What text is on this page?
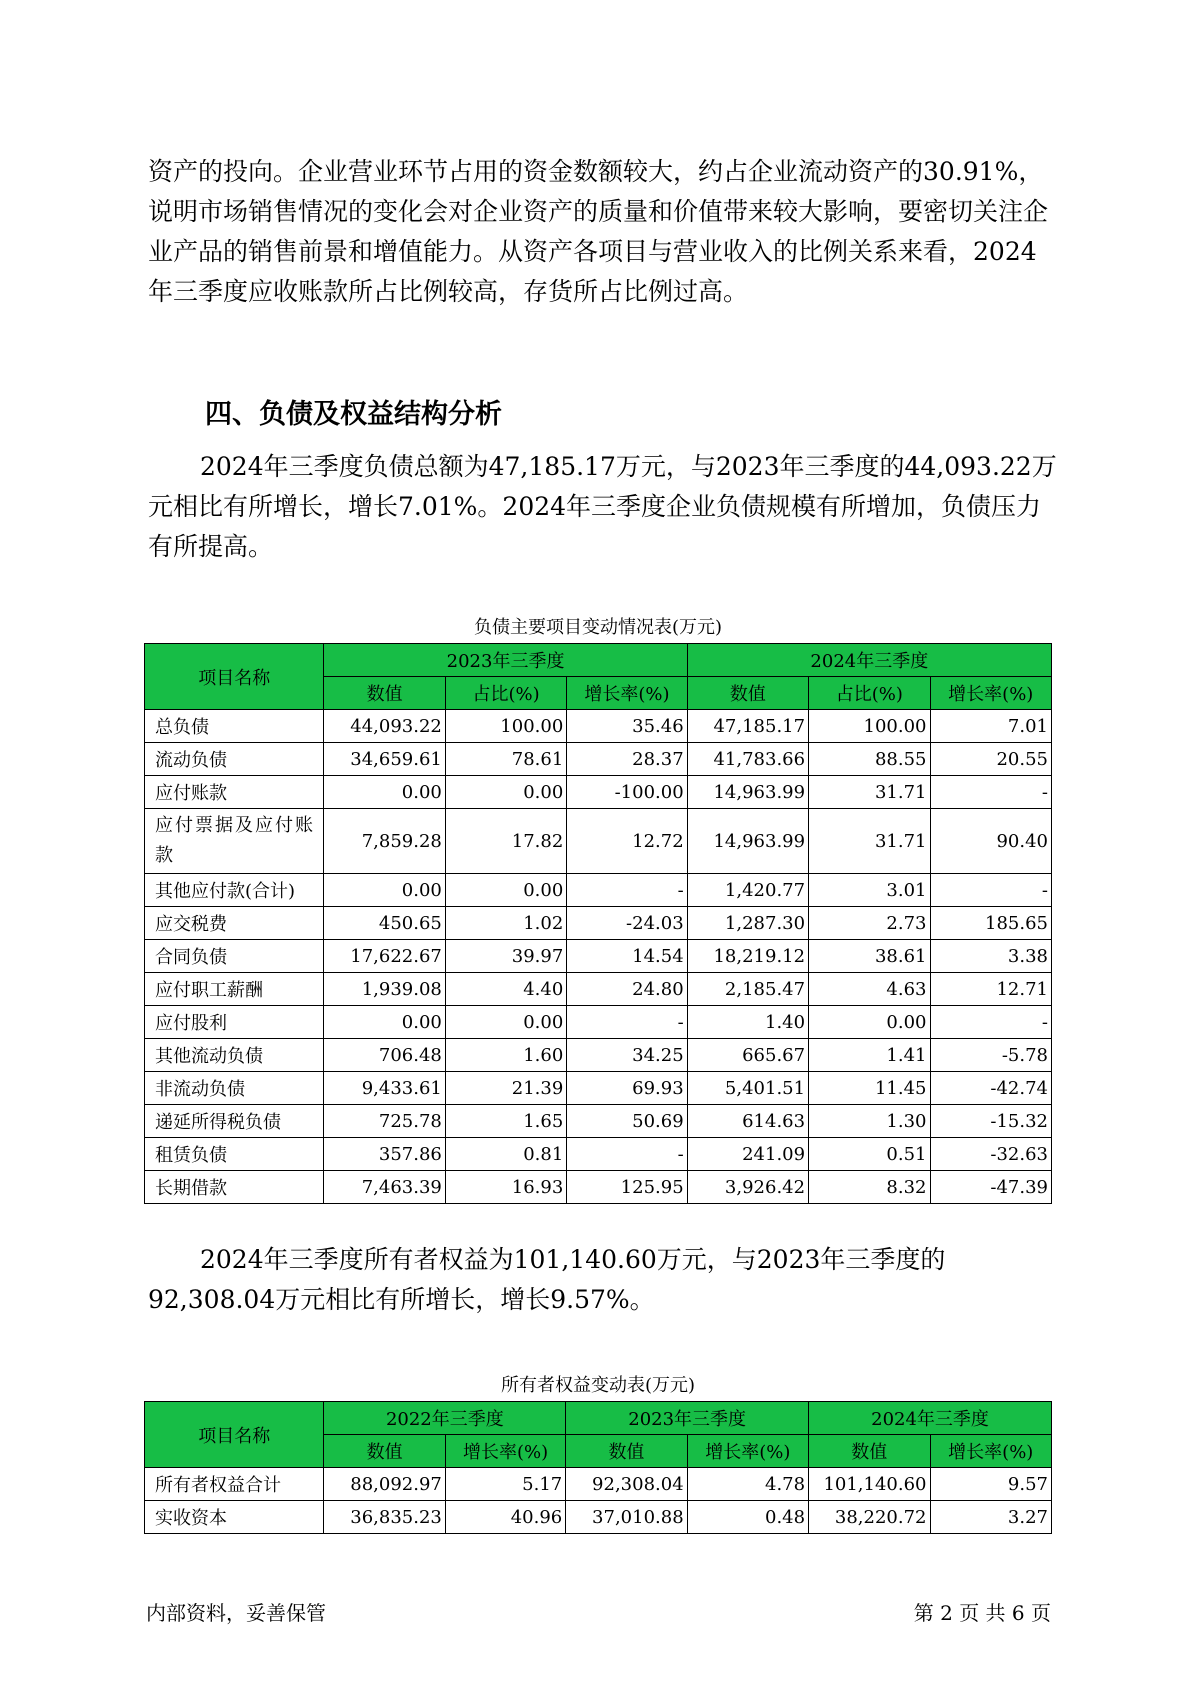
资产的投向。企业营业环节占用的资金数额较大，约占企业流动资产的30.91%，说明市场销售情况的变化会对企业资产的质量和价值带来较大影响，要密切关注企业产品的销售前景和增值能力。从资产各项目与营业收入的比例关系来看，2024年三季度应收账款所占比例较高，存货所占比例过高。

四、负债及权益结构分析

2024年三季度负债总额为47,185.17万元，与2023年三季度的44,093.22万元相比有所增长，增长7.01%。2024年三季度企业负债规模有所增加，负债压力有所提高。

负债主要项目变动情况表(万元)
项目名称	2023年三季度			2024年三季度		
	数值	占比(%)	增长率(%)	数值	占比(%)	增长率(%)
总负债	44,093.22	100.00	35.46	47,185.17	100.00	7.01
流动负债	34,659.61	78.61	28.37	41,783.66	88.55	20.55
应付账款	0.00	0.00	-100.00	14,963.99	31.71	-
应付票据及应付账款	7,859.28	17.82	12.72	14,963.99	31.71	90.40
其他应付款(合计)	0.00	0.00	-	1,420.77	3.01	-
应交税费	450.65	1.02	-24.03	1,287.30	2.73	185.65
合同负债	17,622.67	39.97	14.54	18,219.12	38.61	3.38
应付职工薪酬	1,939.08	4.40	24.80	2,185.47	4.63	12.71
应付股利	0.00	0.00	-	1.40	0.00	-
其他流动负债	706.48	1.60	34.25	665.67	1.41	-5.78
非流动负债	9,433.61	21.39	69.93	5,401.51	11.45	-42.74
递延所得税负债	725.78	1.65	50.69	614.63	1.30	-15.32
租赁负债	357.86	0.81	-	241.09	0.51	-32.63
长期借款	7,463.39	16.93	125.95	3,926.42	8.32	-47.39

2024年三季度所有者权益为101,140.60万元，与2023年三季度的92,308.04万元相比有所增长，增长9.57%。

所有者权益变动表(万元)
项目名称	2022年三季度		2023年三季度		2024年三季度	
	数值	增长率(%)	数值	增长率(%)	数值	增长率(%)
所有者权益合计	88,092.97	5.17	92,308.04	4.78	101,140.60	9.57
实收资本	36,835.23	40.96	37,010.88	0.48	38,220.72	3.27
内部资料，妥善保管	第 2 页 共 6 页
